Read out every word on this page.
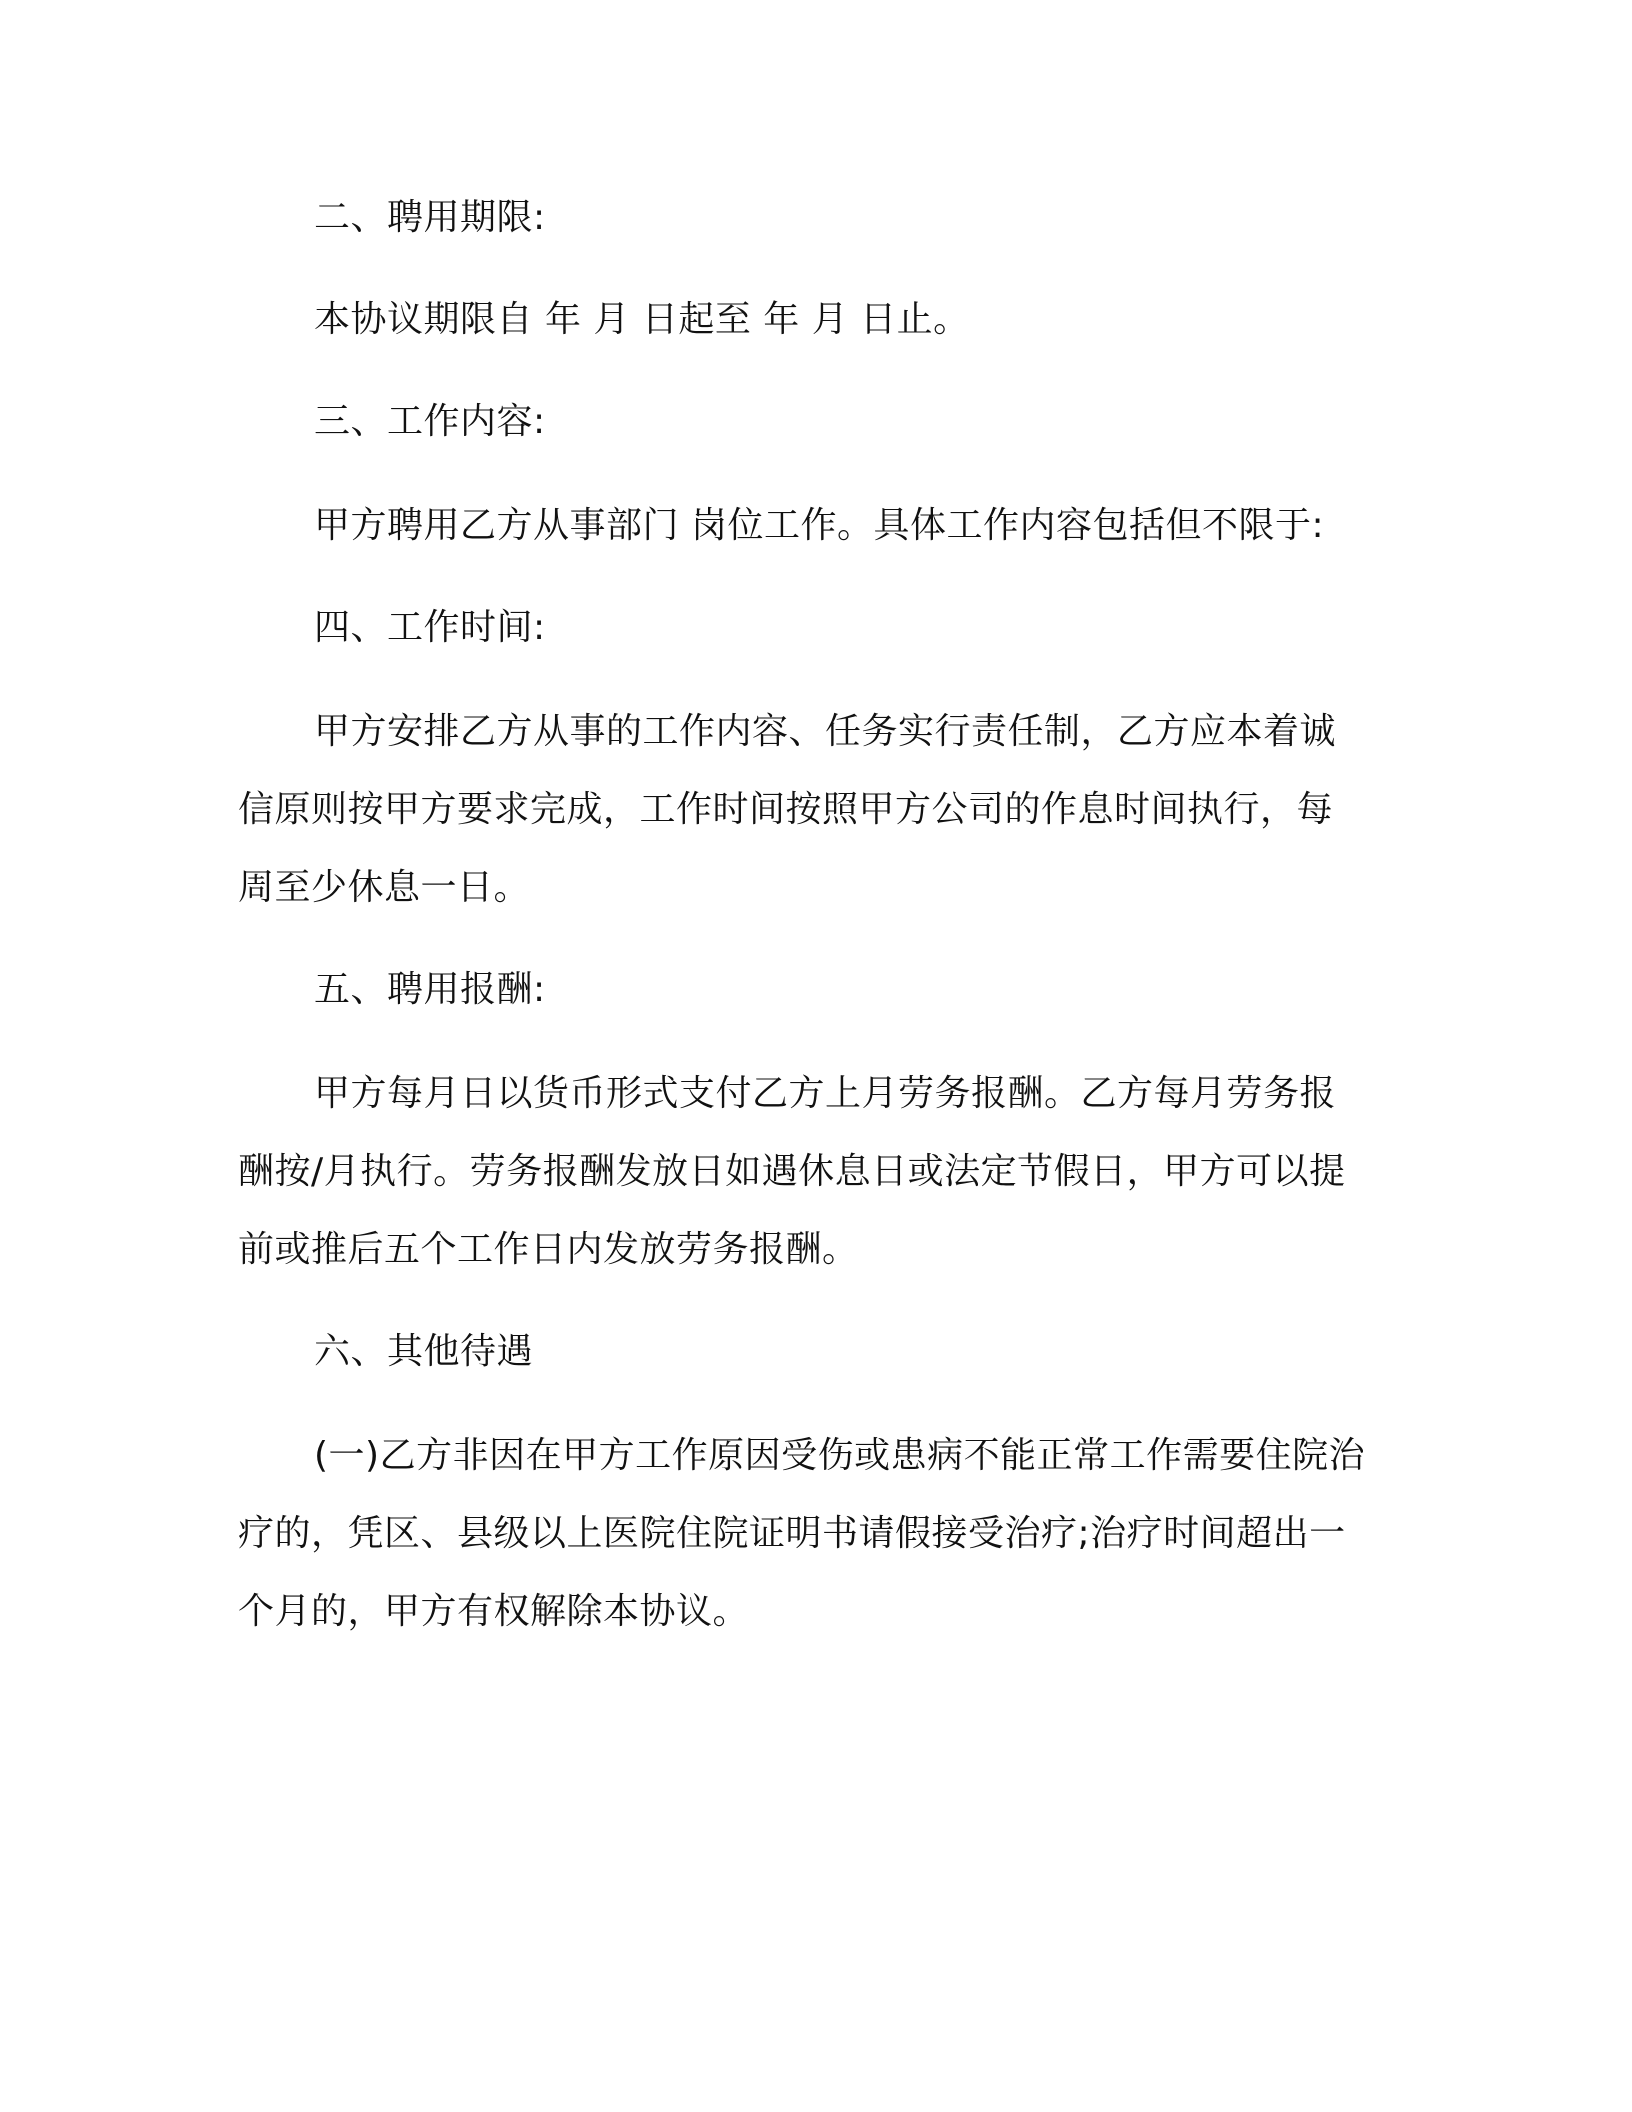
二、聘用期限:
本协议期限自 年 月 日起至 年 月 日止。
三、工作内容:
甲方聘用乙方从事部门 岗位工作。具体工作内容包括但不限于:
四、工作时间:
甲方安排乙方从事的工作内容、任务实行责任制，乙方应本着诚
信原则按甲方要求完成，工作时间按照甲方公司的作息时间执行，每
周至少休息一日。
五、聘用报酬:
甲方每月日以货币形式支付乙方上月劳务报酬。乙方每月劳务报
酬按/月执行。劳务报酬发放日如遇休息日或法定节假日，甲方可以提
前或推后五个工作日内发放劳务报酬。
六、其他待遇
(一)乙方非因在甲方工作原因受伤或患病不能正常工作需要住院治
疗的，凭区、县级以上医院住院证明书请假接受治疗;治疗时间超出一
个月的，甲方有权解除本协议。
